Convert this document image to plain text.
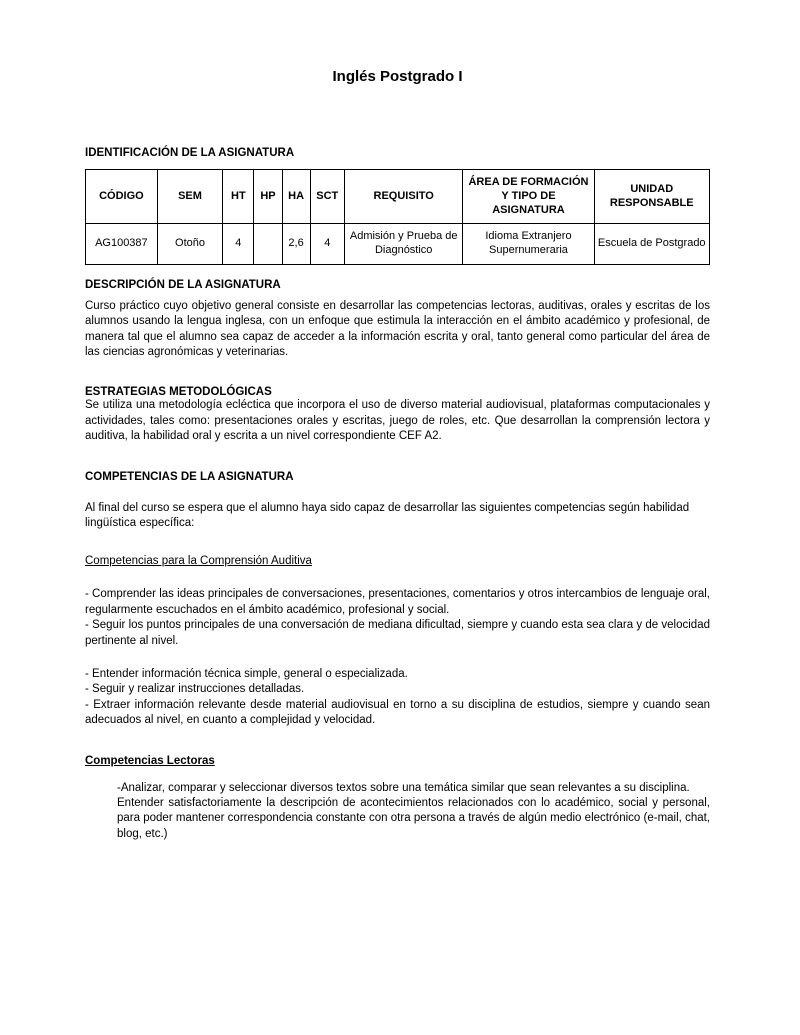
Inglés Postgrado I
IDENTIFICACIÓN DE LA ASIGNATURA
CÓDIGO	SEM	HT	HP	HA	SCT	REQUISITO	ÁREA DE FORMACIÓN Y TIPO DE ASIGNATURA	UNIDAD RESPONSABLE
AG100387	Otoño	4		2,6	4	Admisión y Prueba de Diagnóstico	Idioma Extranjero Supernumeraria	Escuela de Postgrado
DESCRIPCIÓN DE LA ASIGNATURA

Curso práctico cuyo objetivo general consiste en desarrollar las competencias lectoras, auditivas, orales y escritas de los alumnos usando la lengua inglesa, con un enfoque que estimula la interacción en el ámbito académico y profesional, de manera tal que el alumno sea capaz de acceder a la información escrita y oral, tanto general como particular del área de las ciencias agronómicas y veterinarias.

ESTRATEGIAS METODOLÓGICAS

Se utiliza una metodología ecléctica que incorpora el uso de diverso material audiovisual, plataformas computacionales y actividades, tales como: presentaciones orales y escritas, juego de roles, etc. Que desarrollan la comprensión lectora y auditiva, la habilidad oral y escrita a un nivel correspondiente CEF A2.

COMPETENCIAS DE LA ASIGNATURA

Al final del curso se espera que el alumno haya sido capaz de desarrollar las siguientes competencias según habilidad lingüística específica:

Competencias para la Comprensión Auditiva

- Comprender las ideas principales de conversaciones, presentaciones, comentarios y otros intercambios de lenguaje oral, regularmente escuchados en el ámbito académico, profesional y social.

- Seguir los puntos principales de una conversación de mediana dificultad, siempre y cuando esta sea clara y de velocidad pertinente al nivel.

- Entender información técnica simple, general o especializada.

- Seguir y realizar instrucciones detalladas.

- Extraer información relevante desde material audiovisual en torno a su disciplina de estudios, siempre y cuando sean adecuados al nivel, en cuanto a complejidad y velocidad.

Competencias Lectoras

-Analizar, comparar y seleccionar diversos textos sobre una temática similar que sean relevantes a su disciplina.

Entender satisfactoriamente la descripción de acontecimientos relacionados con lo académico, social y personal, para poder mantener correspondencia constante con otra persona a través de algún medio electrónico (e-mail, chat, blog, etc.)
